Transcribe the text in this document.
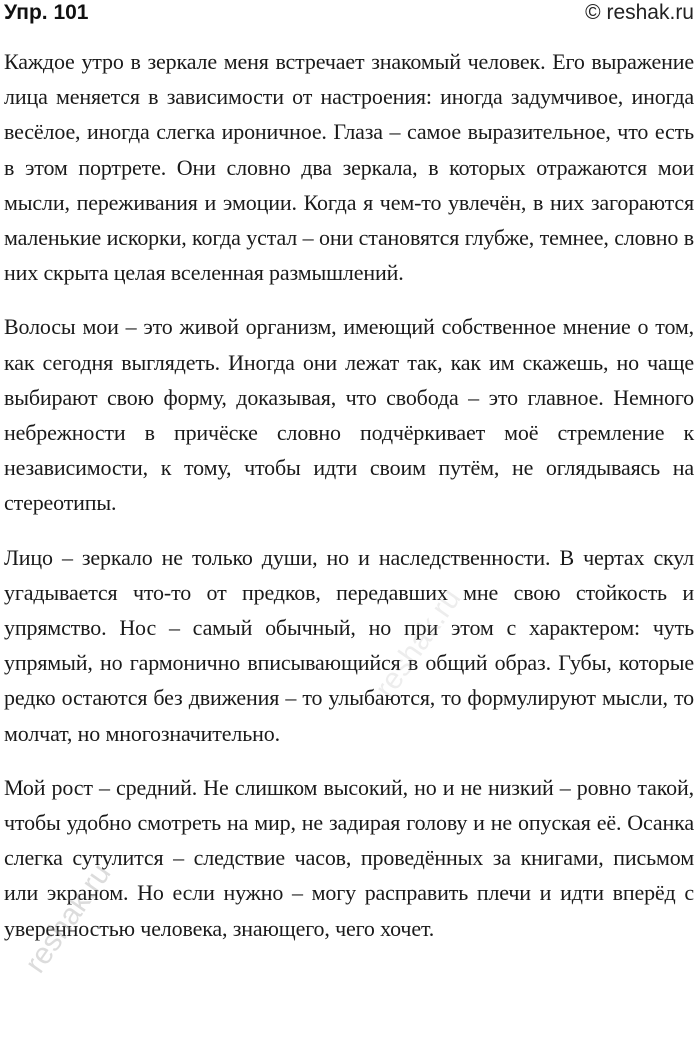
Упр. 101	© reshak.ru

Каждое утро в зеркале меня встречает знакомый человек. Его выражение лица меняется в зависимости от настроения: иногда задумчивое, иногда весёлое, иногда слегка ироничное. Глаза – самое выразительное, что есть в этом портрете. Они словно два зеркала, в которых отражаются мои мысли, переживания и эмоции. Когда я чем-то увлечён, в них загораются маленькие искорки, когда устал – они становятся глубже, темнее, словно в них скрыта целая вселенная размышлений.

Волосы мои – это живой организм, имеющий собственное мнение о том, как сегодня выглядеть. Иногда они лежат так, как им скажешь, но чаще выбирают свою форму, доказывая, что свобода – это главное. Немного небрежности в причёске словно подчёркивает моё стремление к независимости, к тому, чтобы идти своим путём, не оглядываясь на стереотипы.

Лицо – зеркало не только души, но и наследственности. В чертах скул угадывается что-то от предков, передавших мне свою стойкость и упрямство. Нос – самый обычный, но при этом с характером: чуть упрямый, но гармонично вписывающийся в общий образ. Губы, которые редко остаются без движения – то улыбаются, то формулируют мысли, то молчат, но многозначительно.

Мой рост – средний. Не слишком высокий, но и не низкий – ровно такой, чтобы удобно смотреть на мир, не задирая голову и не опуская её. Осанка слегка сутулится – следствие часов, проведённых за книгами, письмом или экраном. Но если нужно – могу расправить плечи и идти вперёд с уверенностью человека, знающего, чего хочет.

reshak.ru
reshak.ru
